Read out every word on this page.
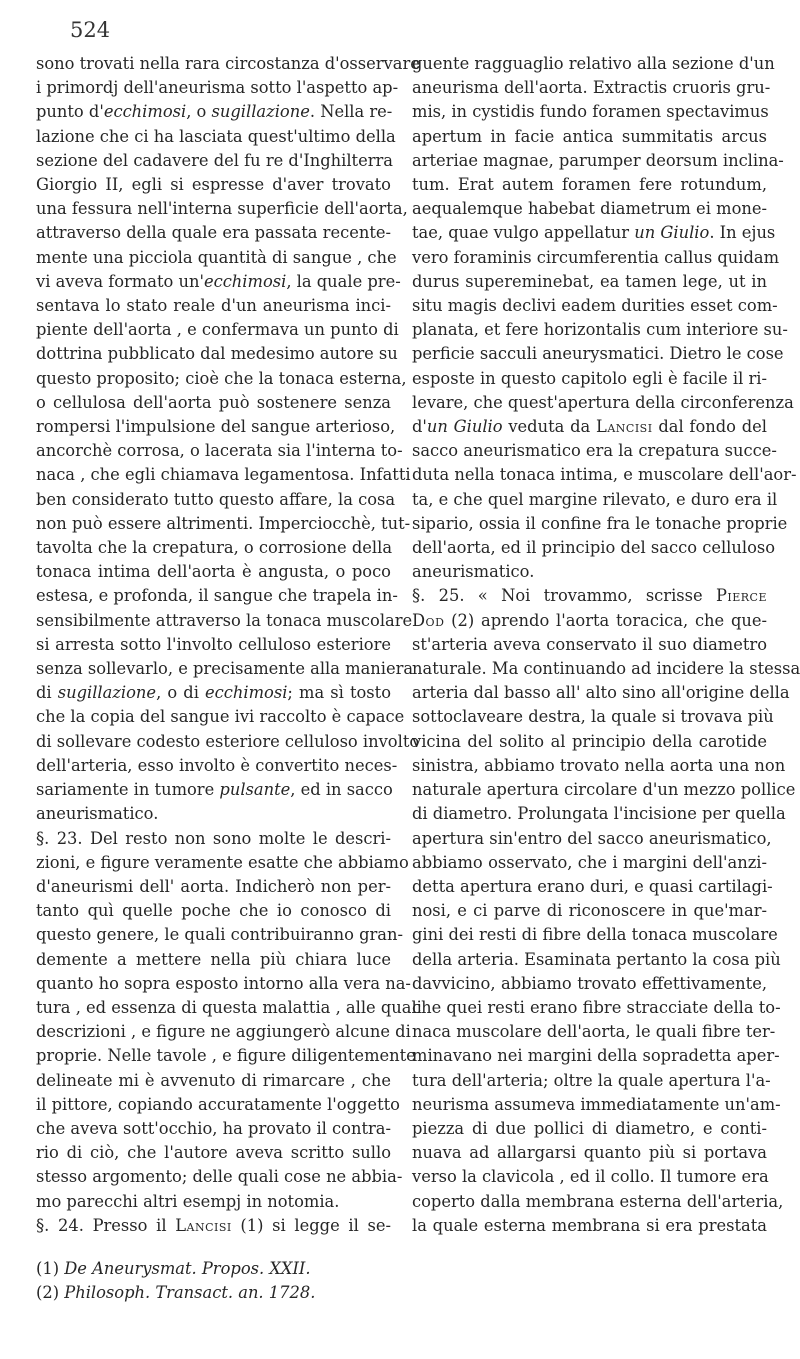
524
sono trovati nella rara circostanza d'osservare
i primordj dell'aneurisma sotto l'aspetto ap-
punto d'ecchimosi, o sugillazione. Nella re-
lazione che ci ha lasciata quest'ultimo della
sezione del cadavere del fu re d'Inghilterra
Giorgio II, egli si espresse d'aver trovato
una fessura nell'interna superficie dell'aorta,
attraverso della quale era passata recente-
mente una picciola quantità di sangue , che
vi aveva formato un'ecchimosi, la quale pre-
sentava lo stato reale d'un aneurisma inci-
piente dell'aorta , e confermava un punto di
dottrina pubblicato dal medesimo autore su
questo proposito; cioè che la tonaca esterna,
o cellulosa dell'aorta può sostenere senza
rompersi l'impulsione del sangue arterioso,
ancorchè corrosa, o lacerata sia l'interna to-
naca , che egli chiamava legamentosa. Infatti
ben considerato tutto questo affare, la cosa
non può essere altrimenti. Imperciocchè, tut-
tavolta che la crepatura, o corrosione della
tonaca intima dell'aorta è angusta, o poco
estesa, e profonda, il sangue che trapela in-
sensibilmente attraverso la tonaca muscolare
si arresta sotto l'involto celluloso esteriore
senza sollevarlo, e precisamente alla maniera
di sugillazione, o di ecchimosi; ma sì tosto
che la copia del sangue ivi raccolto è capace
di sollevare codesto esteriore celluloso involto
dell'arteria, esso involto è convertito neces-
sariamente in tumore pulsante, ed in sacco
aneurismatico.
§. 23. Del resto non sono molte le descri-
zioni, e figure veramente esatte che abbiamo
d'aneurismi dell' aorta. Indicherò non per-
tanto quì quelle poche che io conosco di
questo genere, le quali contribuiranno gran-
demente a mettere nella più chiara luce
quanto ho sopra esposto intorno alla vera na-
tura , ed essenza di questa malattia , alle quali
descrizioni , e figure ne aggiungerò alcune di
proprie. Nelle tavole , e figure diligentemente
delineate mi è avvenuto di rimarcare , che
il pittore, copiando accuratamente l'oggetto
che aveva sott'occhio, ha provato il contra-
rio di ciò, che l'autore aveva scritto sullo
stesso argomento; delle quali cose ne abbia-
mo parecchi altri esempj in notomia.
§. 24. Presso il Lancisi (1) si legge il se-
guente ragguaglio relativo alla sezione d'un
aneurisma dell'aorta. Extractis cruoris gru-
mis, in cystidis fundo foramen spectavimus
apertum in facie antica summitatis arcus
arteriae magnae, parumper deorsum inclina-
tum. Erat autem foramen fere rotundum,
aequalemque habebat diametrum ei mone-
tae, quae vulgo appellatur un Giulio. In ejus
vero foraminis circumferentia callus quidam
durus supereminebat, ea tamen lege, ut in
situ magis declivi eadem durities esset com-
planata, et fere horizontalis cum interiore su-
perficie sacculi aneurysmatici. Dietro le cose
esposte in questo capitolo egli è facile il ri-
levare, che quest'apertura della circonferenza
d'un Giulio veduta da Lancisi dal fondo del
sacco aneurismatico era la crepatura succe-
duta nella tonaca intima, e muscolare dell'aor-
ta, e che quel margine rilevato, e duro era il
sipario, ossia il confine fra le tonache proprie
dell'aorta, ed il principio del sacco celluloso
aneurismatico.
§. 25. « Noi trovammo, scrisse Pierce
Dod (2) aprendo l'aorta toracica, che que-
st'arteria aveva conservato il suo diametro
naturale. Ma continuando ad incidere la stessa
arteria dal basso all' alto sino all'origine della
sottoclaveare destra, la quale si trovava più
vicina del solito al principio della carotide
sinistra, abbiamo trovato nella aorta una non
naturale apertura circolare d'un mezzo pollice
di diametro. Prolungata l'incisione per quella
apertura sin'entro del sacco aneurismatico,
abbiamo osservato, che i margini dell'anzi-
detta apertura erano duri, e quasi cartilagi-
nosi, e ci parve di riconoscere in que'mar-
gini dei resti di fibre della tonaca muscolare
della arteria. Esaminata pertanto la cosa più
davvicino, abbiamo trovato effettivamente,
che quei resti erano fibre stracciate della to-
naca muscolare dell'aorta, le quali fibre ter-
minavano nei margini della sopradetta aper-
tura dell'arteria; oltre la quale apertura l'a-
neurisma assumeva immediatamente un'am-
piezza di due pollici di diametro, e conti-
nuava ad allargarsi quanto più si portava
verso la clavicola , ed il collo. Il tumore era
coperto dalla membrana esterna dell'arteria,
la quale esterna membrana si era prestata
(1) De Aneurysmat. Propos. XXII.
(2) Philosoph. Transact. an. 1728.
